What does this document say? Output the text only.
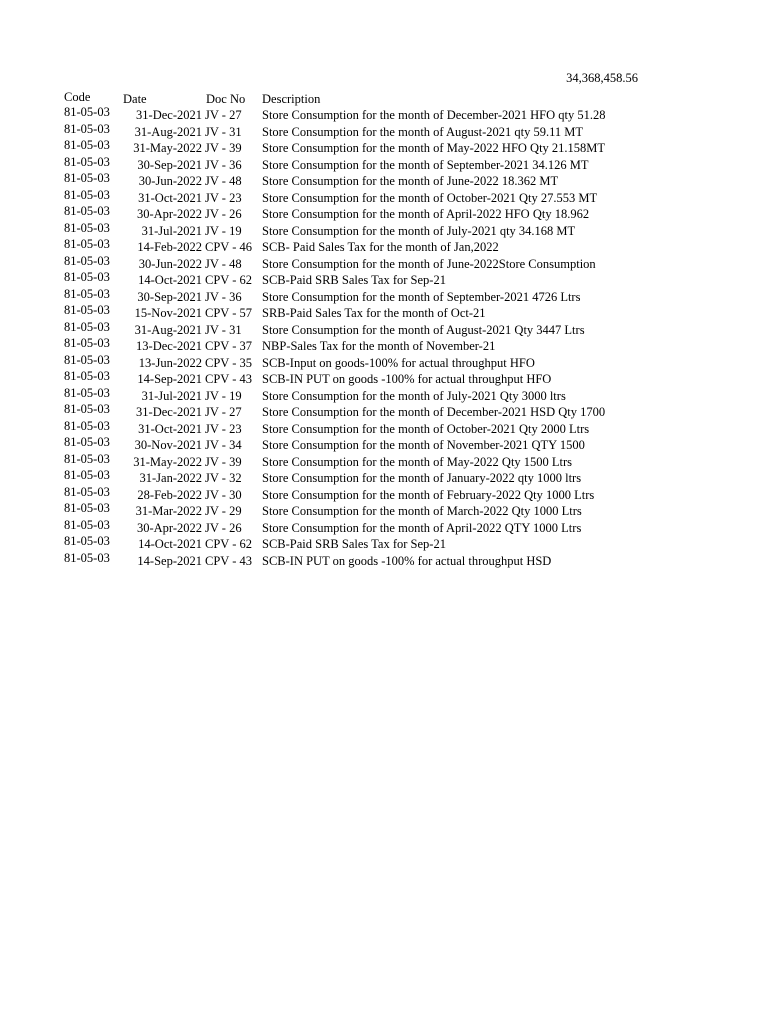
34,368,458.56
Code	Date	Doc No Description
81-05-03 31-Dec-2021 JV - 27 Store Consumption for the month of December-2021 HFO qty 51.28
81-05-03 31-Aug-2021 JV - 31 Store Consumption for the month of August-2021 qty 59.11 MT
81-05-03 31-May-2022 JV - 39 Store Consumption for the month of May-2022 HFO Qty 21.158MT
81-05-03 30-Sep-2021 JV - 36 Store Consumption for the month of September-2021 34.126 MT
81-05-03 30-Jun-2022 JV - 48 Store Consumption for the month of June-2022 18.362 MT
81-05-03 31-Oct-2021 JV - 23 Store Consumption for the month of October-2021 Qty 27.553 MT
81-05-03 30-Apr-2022 JV - 26 Store Consumption for the month of April-2022 HFO Qty 18.962
81-05-03	31-Jul-2021 JV - 19 Store Consumption for the month of July-2021 qty 34.168 MT
81-05-03 14-Feb-2022 CPV - 46 SCB- Paid Sales Tax for the month of Jan,2022
81-05-03 30-Jun-2022 JV - 48 Store Consumption for the month of June-2022Store Consumption
81-05-03 14-Oct-2021 CPV - 62 SCB-Paid SRB Sales Tax for Sep-21
81-05-03 30-Sep-2021 JV - 36 Store Consumption for the month of September-2021 4726 Ltrs
81-05-03 15-Nov-2021 CPV - 57 SRB-Paid Sales Tax for the month of Oct-21
81-05-03 31-Aug-2021 JV - 31 Store Consumption for the month of August-2021 Qty 3447 Ltrs
81-05-03 13-Dec-2021 CPV - 37 NBP-Sales Tax for the month of November-21
81-05-03 13-Jun-2022 CPV - 35 SCB-Input on goods-100% for actual throughput HFO
81-05-03 14-Sep-2021 CPV - 43 SCB-IN PUT on goods -100% for actual throughput HFO
81-05-03	31-Jul-2021 JV - 19 Store Consumption for the month of July-2021 Qty 3000 ltrs
81-05-03 31-Dec-2021 JV - 27 Store Consumption for the month of December-2021 HSD Qty 1700
81-05-03 31-Oct-2021 JV - 23 Store Consumption for the month of October-2021 Qty 2000 Ltrs
81-05-03 30-Nov-2021 JV - 34 Store Consumption for the month of November-2021 QTY 1500
81-05-03 31-May-2022 JV - 39 Store Consumption for the month of May-2022 Qty 1500 Ltrs
81-05-03 31-Jan-2022 JV - 32 Store Consumption for the month of January-2022 qty 1000 ltrs
81-05-03 28-Feb-2022 JV - 30 Store Consumption for the month of February-2022 Qty 1000 Ltrs
81-05-03 31-Mar-2022 JV - 29 Store Consumption for the month of March-2022 Qty 1000 Ltrs
81-05-03 30-Apr-2022 JV - 26 Store Consumption for the month of April-2022 QTY 1000 Ltrs
81-05-03 14-Oct-2021 CPV - 62 SCB-Paid SRB Sales Tax for Sep-21
81-05-03 14-Sep-2021 CPV - 43 SCB-IN PUT on goods -100% for actual throughput HSD
